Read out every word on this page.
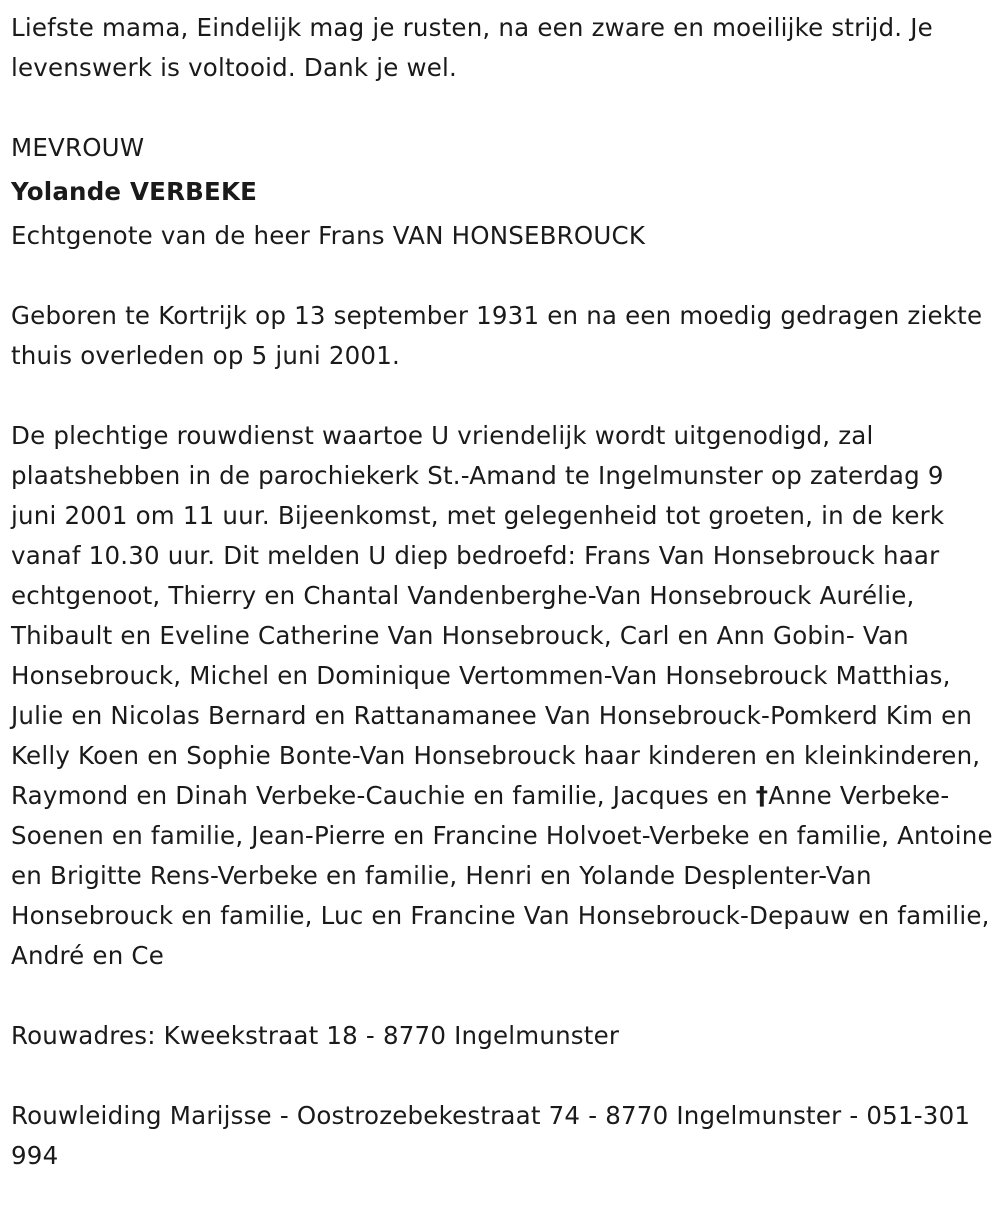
Liefste mama, Eindelijk mag je rusten, na een zware en moeilijke strijd. Je levenswerk is voltooid. Dank je wel.

MEVROUW

Yolande VERBEKE

Echtgenote van de heer Frans VAN HONSEBROUCK

Geboren te Kortrijk op 13 september 1931 en na een moedig gedragen ziekte thuis overleden op 5 juni 2001.

De plechtige rouwdienst waartoe U vriendelijk wordt uitgenodigd, zal plaatshebben in de parochiekerk St.-Amand te Ingelmunster op zaterdag 9 juni 2001 om 11 uur. Bijeenkomst, met gelegenheid tot groeten, in de kerk vanaf 10.30 uur. Dit melden U diep bedroefd: Frans Van Honsebrouck haar echtgenoot, Thierry en Chantal Vandenberghe-Van Honsebrouck Aurélie, Thibault en Eveline Catherine Van Honsebrouck, Carl en Ann Gobin- Van Honsebrouck, Michel en Dominique Vertommen-Van Honsebrouck Matthias, Julie en Nicolas Bernard en Rattanamanee Van Honsebrouck-Pomkerd Kim en Kelly Koen en Sophie Bonte-Van Honsebrouck haar kinderen en kleinkinderen, Raymond en Dinah Verbeke-Cauchie en familie, Jacques en †Anne Verbeke-Soenen en familie, Jean-Pierre en Francine Holvoet-Verbeke en familie, Antoine en Brigitte Rens-Verbeke en familie, Henri en Yolande Desplenter-Van Honsebrouck en familie, Luc en Francine Van Honsebrouck-Depauw en familie, André en Ce

Rouwadres: Kweekstraat 18 - 8770 Ingelmunster

Rouwleiding Marijsse - Oostrozebekestraat 74 - 8770 Ingelmunster - 051-301 994
